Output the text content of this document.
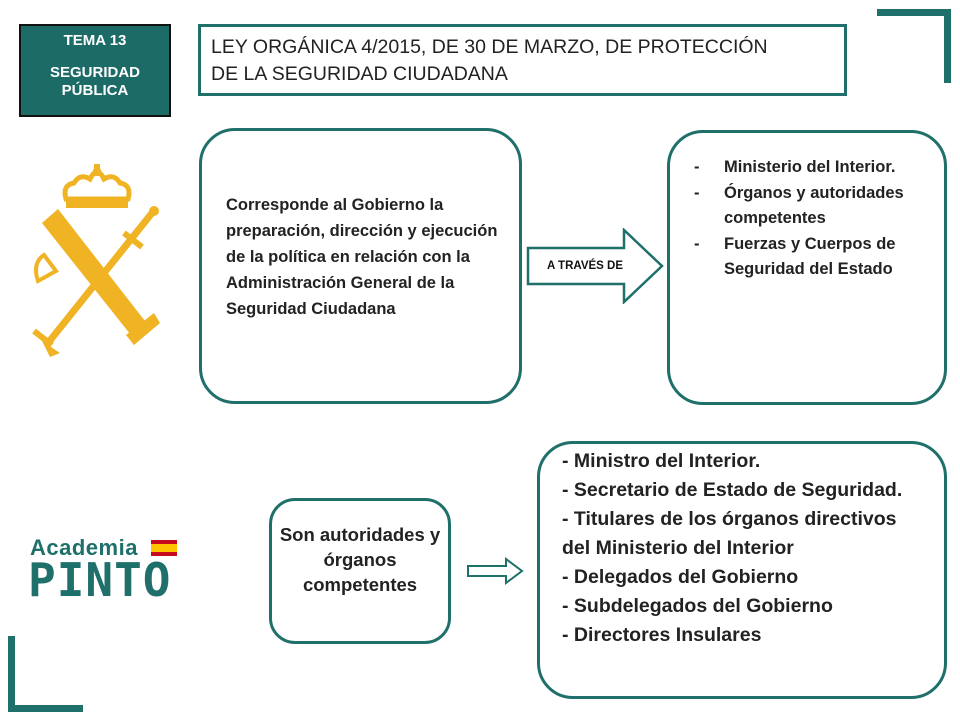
TEMA 13
SEGURIDAD
PÚBLICA
LEY ORGÁNICA 4/2015, DE 30 DE MARZO, DE PROTECCIÓN
DE LA SEGURIDAD CIUDADANA
Corresponde al Gobierno la preparación, dirección y ejecución de la política en relación con la Administración General de la Seguridad Ciudadana
A TRAVÉS DE
- Ministerio del Interior.
- Órganos y autoridades competentes
- Fuerzas y Cuerpos de Seguridad del Estado
Academia
PINTO
Son autoridades y órganos competentes
- Ministro del Interior.
- Secretario de Estado de Seguridad.
- Titulares de los órganos directivos    del Ministerio del Interior
- Delegados del Gobierno
- Subdelegados del Gobierno
- Directores Insulares
